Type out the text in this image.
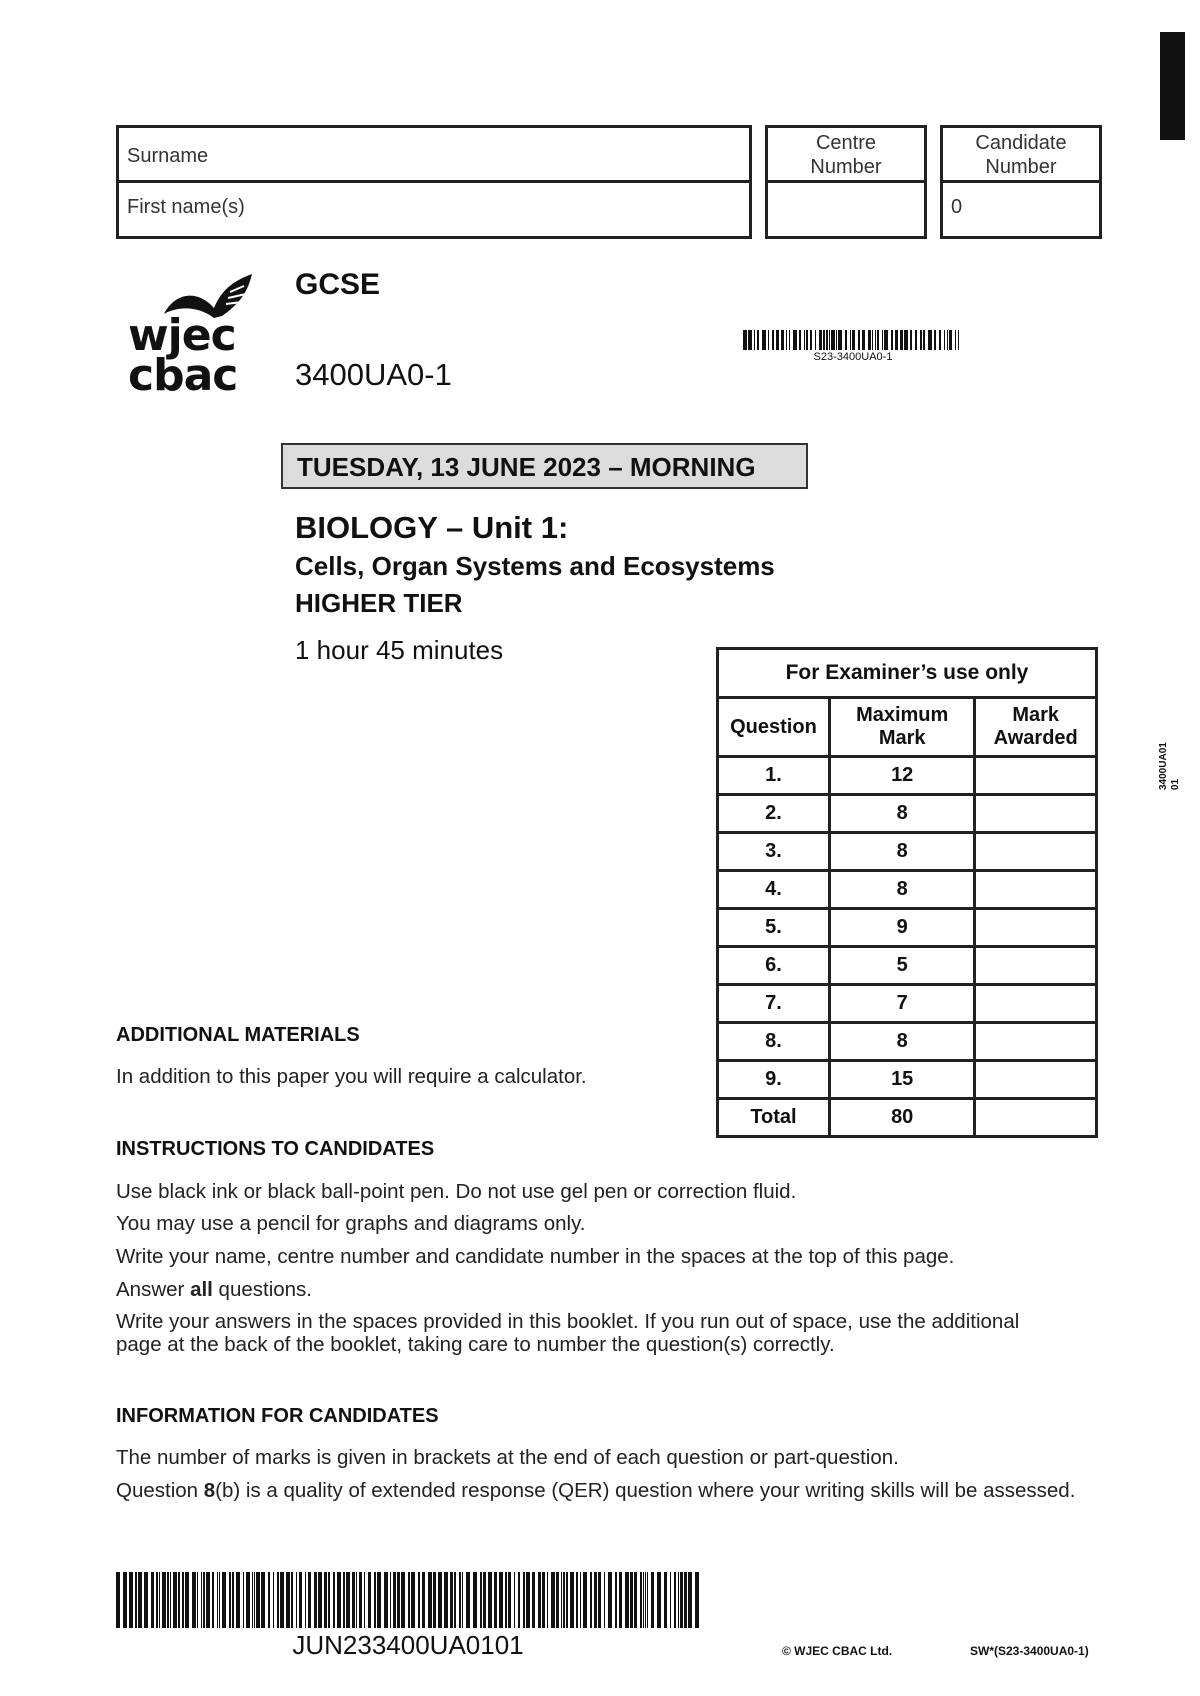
Surname
First name(s)
Centre Number
Candidate Number
0
wjec
cbac
GCSE
3400UA0-1	S23-3400UA0-1
TUESDAY, 13 JUNE 2023 – MORNING
BIOLOGY – Unit 1:
Cells, Organ Systems and Ecosystems
HIGHER TIER
1 hour 45 minutes
For Examiner’s use only		
Question	Maximum Mark	Mark Awarded
1.	12	
2.	8	
3.	8	
4.	8	
5.	9	
6.	5	
7.	7	
8.	8	
9.	15	
Total	80	
3400UA01 01
ADDITIONAL MATERIALS
In addition to this paper you will require a calculator.
INSTRUCTIONS TO CANDIDATES
Use black ink or black ball-point pen. Do not use gel pen or correction fluid.
You may use a pencil for graphs and diagrams only.
Write your name, centre number and candidate number in the spaces at the top of this page.
Answer all questions.
Write your answers in the spaces provided in this booklet. If you run out of space, use the additional page at the back of the booklet, taking care to number the question(s) correctly.
INFORMATION FOR CANDIDATES
The number of marks is given in brackets at the end of each question or part-question.
Question 8(b) is a quality of extended response (QER) question where your writing skills will be assessed.
JUN233400UA0101	© WJEC CBAC Ltd.	SW*(S23-3400UA0-1)
